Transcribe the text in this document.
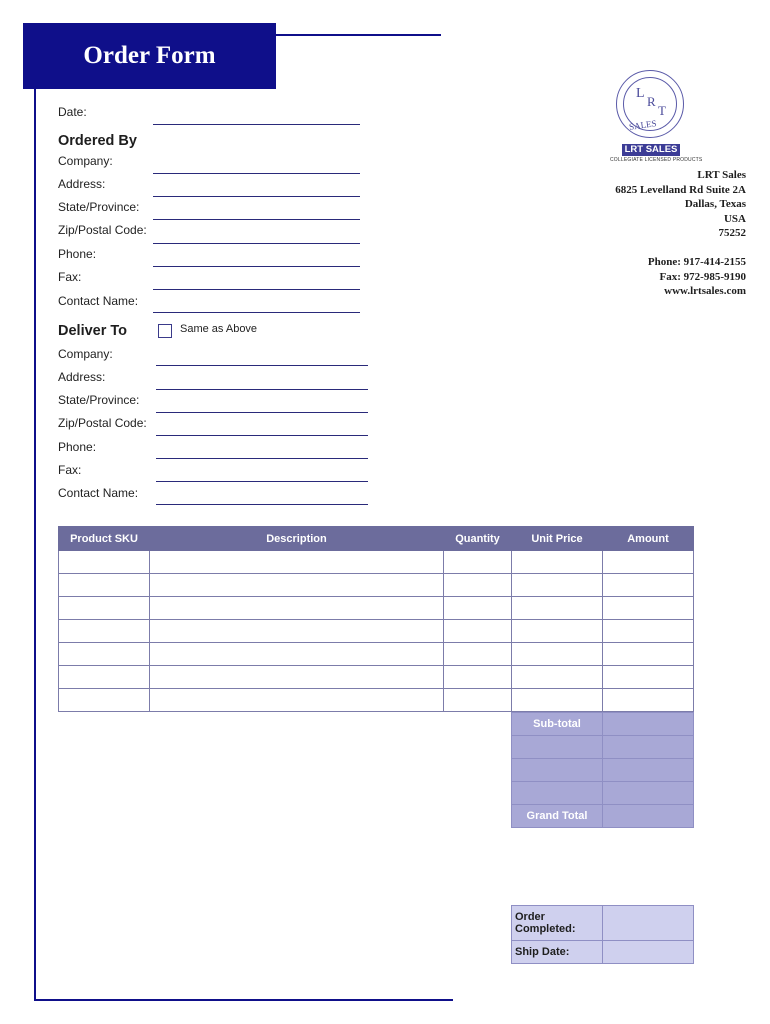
Order Form
Date:
Ordered By
Company:
Address:
State/Province:
Zip/Postal Code:
Phone:
Fax:
Contact Name:
Deliver To	Same as Above
Company:
Address:
State/Province:
Zip/Postal Code:
Phone:
Fax:
Contact Name:
L
R
T
SALES
LRT SALES
COLLEGIATE LICENSED PRODUCTS
LRT Sales
6825 Levelland Rd Suite 2A
Dallas, Texas
USA
75252
Phone: 917-414-2155
Fax: 972-985-9190
www.lrtsales.com
Product SKU	Description	Quantity	Unit Price	Amount

Sub-total	

Grand Total	
Order Completed:	
Ship Date:	
